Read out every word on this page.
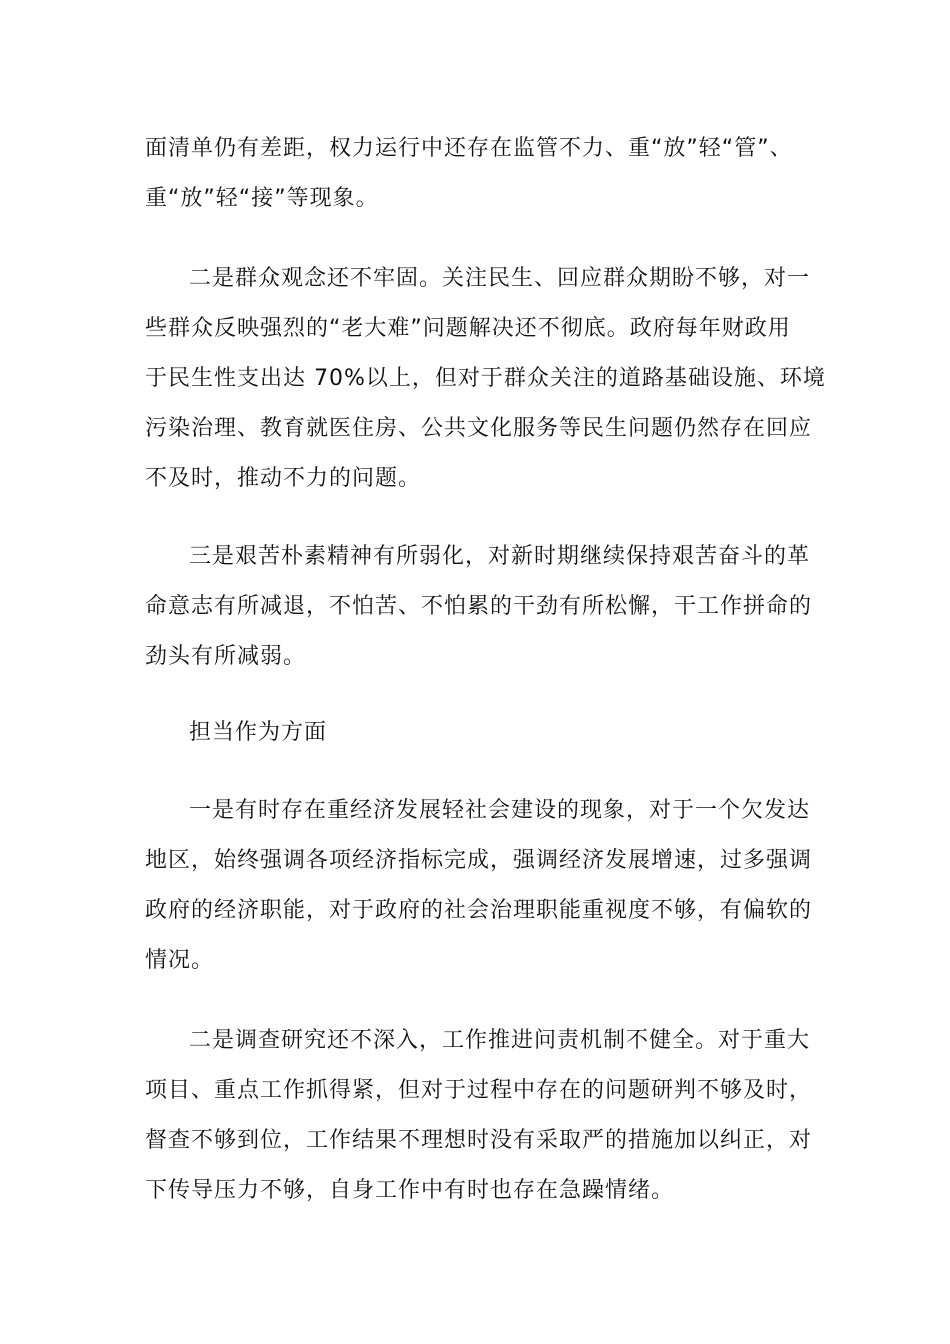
面清单仍有差距，权力运行中还存在监管不力、重“放”轻“管”、
重“放”轻“接”等现象。
二是群众观念还不牢固。关注民生、回应群众期盼不够，对一
些群众反映强烈的“老大难”问题解决还不彻底。政府每年财政用
于民生性支出达 70%以上，但对于群众关注的道路基础设施、环境
污染治理、教育就医住房、公共文化服务等民生问题仍然存在回应
不及时，推动不力的问题。
三是艰苦朴素精神有所弱化，对新时期继续保持艰苦奋斗的革
命意志有所减退，不怕苦、不怕累的干劲有所松懈，干工作拼命的
劲头有所减弱。
担当作为方面
一是有时存在重经济发展轻社会建设的现象，对于一个欠发达
地区，始终强调各项经济指标完成，强调经济发展增速，过多强调
政府的经济职能，对于政府的社会治理职能重视度不够，有偏软的
情况。
二是调查研究还不深入，工作推进问责机制不健全。对于重大
项目、重点工作抓得紧，但对于过程中存在的问题研判不够及时，
督查不够到位，工作结果不理想时没有采取严的措施加以纠正，对
下传导压力不够，自身工作中有时也存在急躁情绪。
